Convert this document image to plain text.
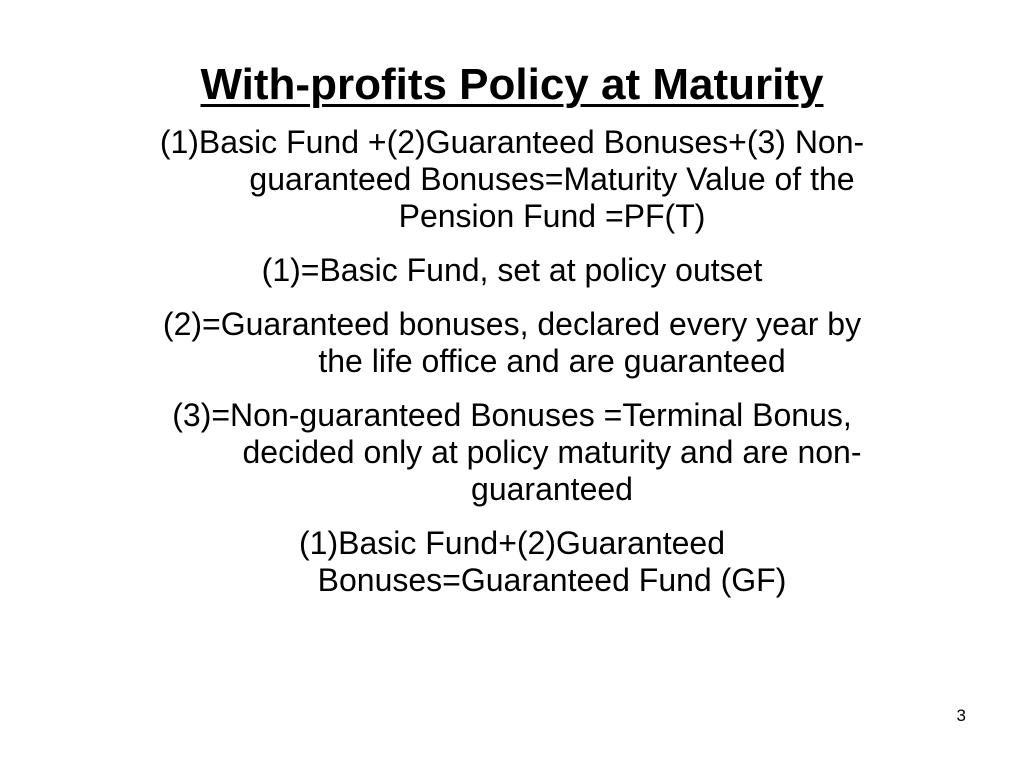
With-profits Policy at Maturity

(1)Basic Fund +(2)Guaranteed Bonuses+(3) Non-
guaranteed Bonuses=Maturity Value of the
Pension Fund =PF(T)

(1)=Basic Fund, set at policy outset

(2)=Guaranteed bonuses, declared every year by
the life office and are guaranteed

(3)=Non-guaranteed Bonuses =Terminal Bonus,
decided only at policy maturity and are non-
guaranteed

(1)Basic Fund+(2)Guaranteed
Bonuses=Guaranteed Fund (GF)

3
